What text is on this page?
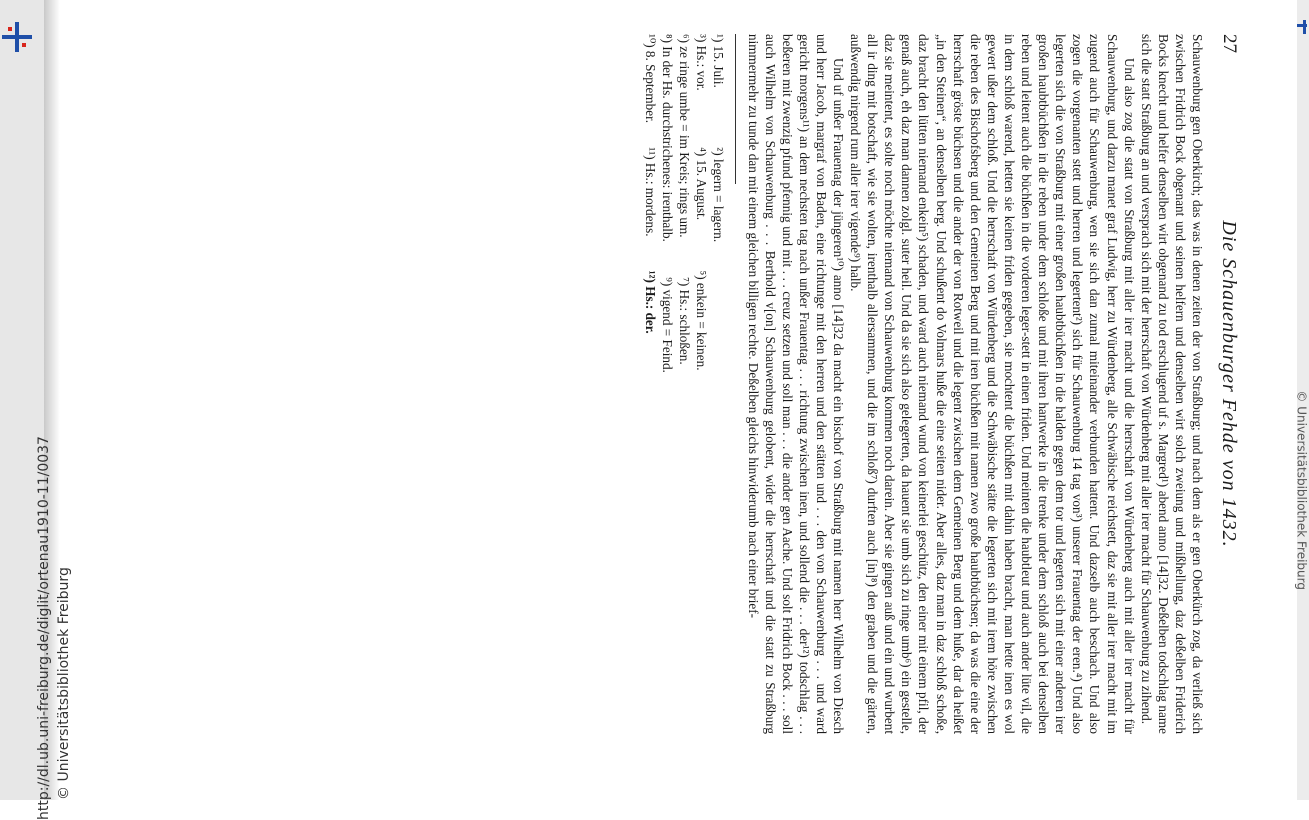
http://dl.ub.uni-freiburg.de/diglit/ortenau1910-11/0037 © Universitätsbibliothek Freiburg
© Universitätsbibliothek Freiburg
Die Schauenburger Fehde von 1432.
27

Schauwenburg gen Oberkirch; das was in denen zeiten der von Straßburg; und nach dem als er gen Oberkürch zog, da verließ sich zwischen Fridrich Bock obgenant und seinen helfern und denselben wirt solch zweiung und mißhellung, daz deßelben Friderich Bocks knecht und helfer denselben wirt obgenand zu tod erschlugend uf s. Margred¹) abend anno [14]32. Deßelben todschlag name sich die statt Straßburg an und versprach sich mit der herrschaft von Würdenberg mit aller irer macht für Schauwenburg zu zihend.

Und also zog die statt von Straßburg mit aller irer macht und die herrschaft von Würdenberg auch mit aller irer macht für Schauwenburg, und darzu manet graf Ludwig, herr zu Würdenberg, alle Schwäbische reichstett, daz sie mit aller irer macht mit im zugend auch für Schauwenburg, wen sie sich dan zumal miteinander verbunden hattent. Und dazselb auch beschach. Und also zogen die vorgenanten stett und herren und legertent²) sich für Schauwenburg 14 tag von³) unserer Frauentag der eren.⁴) Und also legerten sich die von Straßburg mit einer großen haubtbüchßen in die halden gegen dem tor und legerten sich mit einer anderen irer großen haubtbüchßen in die reben under dem schloße und mit ihren hantwerke in die trenke under dem schloß auch bei denselben reben und leitent auch die büchßen in die vorderen leger-stett in einen friden. Und meinten die haubtleut und auch ander lüte vil, die in dem schloß warend, hetten sie keinen friden gegeben, sie mochtent die büchßen mit dahin haben bracht, man hette inen es wol gewert ußer dem schloß. Und die herrschaft von Würdenberg und die Schwäbische stätte die legerten sich mit irem höre zwischen die reben des Bischofsberg und den Gemeinen Berg und mit iren büchßen mit namen zwo große haubtbüchsen; da was die eine der herrschaft gröste büchsen und die ander der von Rotweil und die legent zwischen dem Gemeinen Berg und dem huße, dar da heißet „in den Steinen“, an denselben berg. Und schußent do Volmars huße die eine seiten nider. Aber alles, daz man in daz schloß schoße, daz bracht den lütten niemand enkein⁵) schaden, und ward auch niemand wund von keinerlei geschütz, den einer mit einem pfil, der genaß auch, eh daz man dannen zolgl. suter heil. Und da sie sich also gelegerten, da hauent sie umb sich zu ringe umb⁶) ein gestelle, daz sie meintent, es solte noch möchte niemand von Schauwenburg kommen noch darein. Aber sie gingen auß und ein und wurbent all ir ding mit botschaft, wie sie wolten, irenthalb allersammen, und die im schloß⁷) durften auch [in]⁸) den graben und die gärten, außwendig nirgend rum aller irer vigende⁹) halb.

Und uf unßer Frauentag der jüngeren¹⁰) anno [14]32 da macht ein bischof von Straßburg mit namen herr Wilhelm von Diesch und herr Jacob, margraf von Baden, eine richtunge mit den herren und den stätten und . . . den von Schauwenburg . . . und ward gericht morgens¹¹) an dem nechsten tag nach unßer Frauentag . . . richtung zwischen inen, und sollend die . . . der¹²) todschlag . . . beßeren mit zwenzig pfund pfennig und mit . . . creuz setzen und soll man . . . die ander gen Aache. Und solt Fridrich Bock . . . soll auch Wilhelm von Schauwenburg . . . Berthold v[on] Schauwenburg gelobent, wider die herrschaft und die statt zu Straßburg nimmermehr zu tunde dan mit einem gleichen billigen rechte. Deßelben gleichs hinwiderumb nach einer brief-

¹) 15. Juli. ²) legern = lagern.
³) Hs.: vor. ⁴) 15. August. ⁵) enkein = keinen.
⁶) ze ringe umbe = im Kreis; rings um. ⁷) Hs.: schloßen.
⁸) In der Hs. durchstrichenes: irenthalb. ⁹) vigend = Feind.
¹⁰) 8. September. ¹¹) Hs.: mordens. ¹²) Hs.: der.
